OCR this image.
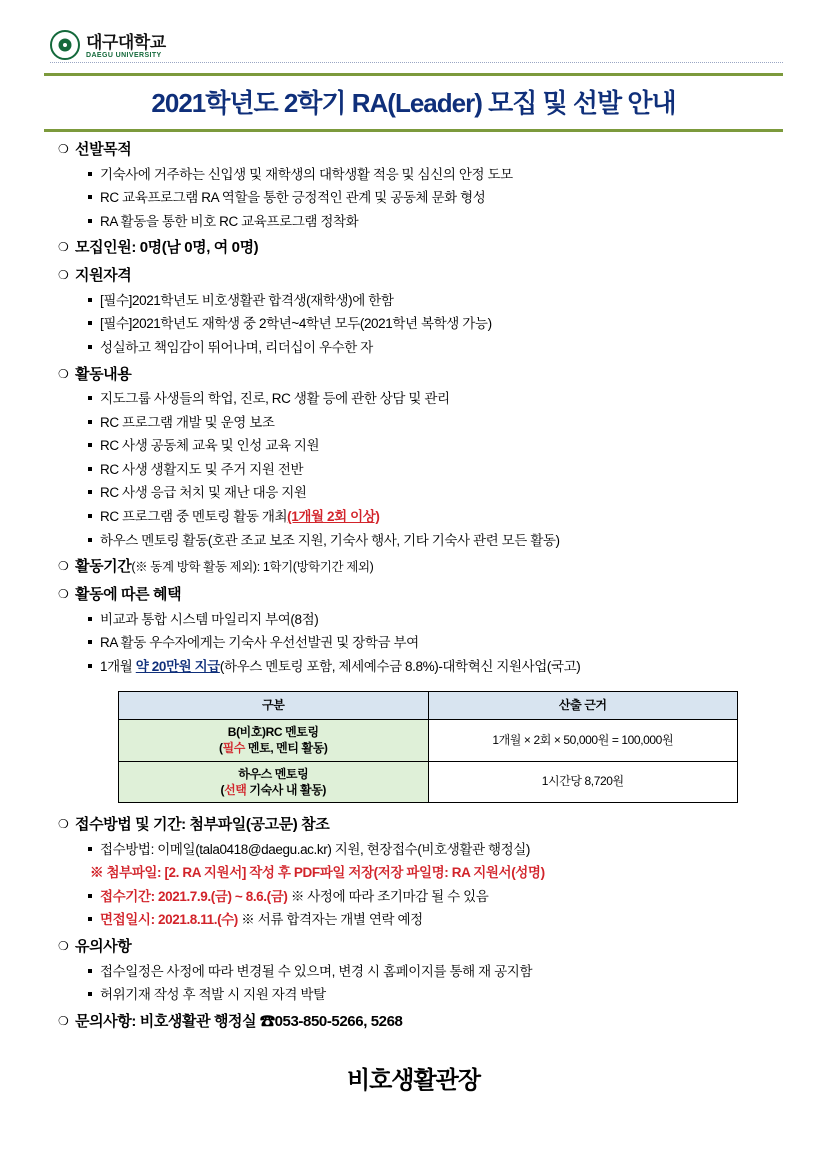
대구대학교
DAEGU UNIVERSITY
2021학년도 2학기 RA(Leader) 모집 및 선발 안내
❍ 선발목적
기숙사에 거주하는 신입생 및 재학생의 대학생활 적응 및 심신의 안정 도모
RC 교육프로그램 RA 역할을 통한 긍정적인 관계 및 공동체 문화 형성
RA 활동을 통한 비호 RC 교육프로그램 정착화
❍ 모집인원: 0명(남 0명, 여 0명)
❍ 지원자격
[필수]2021학년도 비호생활관 합격생(재학생)에 한함
[필수]2021학년도 재학생 중 2학년~4학년 모두(2021학년 복학생 가능)
성실하고 책임감이 뛰어나며, 리더십이 우수한 자
❍ 활동내용
지도그룹 사생들의 학업, 진로, RC 생활 등에 관한 상담 및 관리
RC 프로그램 개발 및 운영 보조
RC 사생 공동체 교육 및 인성 교육 지원
RC 사생 생활지도 및 주거 지원 전반
RC 사생 응급 처치 및 재난 대응 지원
RC 프로그램 중 멘토링 활동 개최(1개월 2회 이상)
하우스 멘토링 활동(호관 조교 보조 지원, 기숙사 행사, 기타 기숙사 관련 모든 활동)
❍ 활동기간(※ 동계 방학 활동 제외): 1학기(방학기간 제외)
❍ 활동에 따른 혜택
비교과 통합 시스템 마일리지 부여(8점)
RA 활동 우수자에게는 기숙사 우선선발권 및 장학금 부여
1개월 약 20만원 지급(하우스 멘토링 포함, 제세예수금 8.8%)-대학혁신 지원사업(국고)
구분	산출 근거

B(비호)RC 멘토링
(필수 멘토, 멘티 활동)	1개월 × 2회 × 50,000원 = 100,000원

하우스 멘토링
(선택 기숙사 내 활동)	1시간당 8,720원
❍ 접수방법 및 기간: 첨부파일(공고문) 참조
접수방법: 이메일(tala0418@daegu.ac.kr) 지원, 현장접수(비호생활관 행정실)
※ 첨부파일: [2. RA 지원서] 작성 후 PDF파일 저장(저장 파일명: RA 지원서(성명)
접수기간: 2021.7.9.(금) ~ 8.6.(금) ※ 사정에 따라 조기마감 될 수 있음
면접일시: 2021.8.11.(수) ※ 서류 합격자는 개별 연락 예정
❍ 유의사항
접수일정은 사정에 따라 변경될 수 있으며, 변경 시 홈페이지를 통해 재 공지함
허위기재 작성 후 적발 시 지원 자격 박탈
❍ 문의사항: 비호생활관 행정실 ☎053-850-5266, 5268
비호생활관장
